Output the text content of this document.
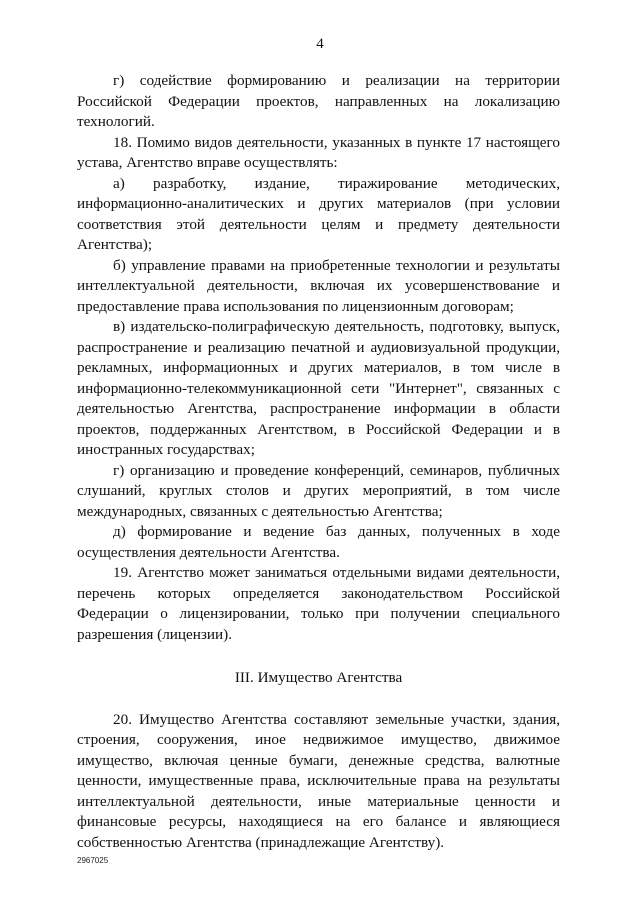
4

г) содействие формированию и реализации на территории Российской Федерации проектов, направленных на локализацию технологий.

18. Помимо видов деятельности, указанных в пункте 17 настоящего устава, Агентство вправе осуществлять:

а) разработку, издание, тиражирование методических, информационно-аналитических и других материалов (при условии соответствия этой деятельности целям и предмету деятельности Агентства);

б) управление правами на приобретенные технологии и результаты интеллектуальной деятельности, включая их усовершенствование и предоставление права использования по лицензионным договорам;

в) издательско-полиграфическую деятельность, подготовку, выпуск, распространение и реализацию печатной и аудиовизуальной продукции, рекламных, информационных и других материалов, в том числе в информационно-телекоммуникационной сети "Интернет", связанных с деятельностью Агентства, распространение информации в области проектов, поддержанных Агентством, в Российской Федерации и в иностранных государствах;

г) организацию и проведение конференций, семинаров, публичных слушаний, круглых столов и других мероприятий, в том числе международных, связанных с деятельностью Агентства;

д) формирование и ведение баз данных, полученных в ходе осуществления деятельности Агентства.

19. Агентство может заниматься отдельными видами деятельности, перечень которых определяется законодательством Российской Федерации о лицензировании, только при получении специального разрешения (лицензии).

III. Имущество Агентства

20. Имущество Агентства составляют земельные участки, здания, строения, сооружения, иное недвижимое имущество, движимое имущество, включая ценные бумаги, денежные средства, валютные ценности, имущественные права, исключительные права на результаты интеллектуальной деятельности, иные материальные ценности и финансовые ресурсы, находящиеся на его балансе и являющиеся собственностью Агентства (принадлежащие Агентству).

2967025
